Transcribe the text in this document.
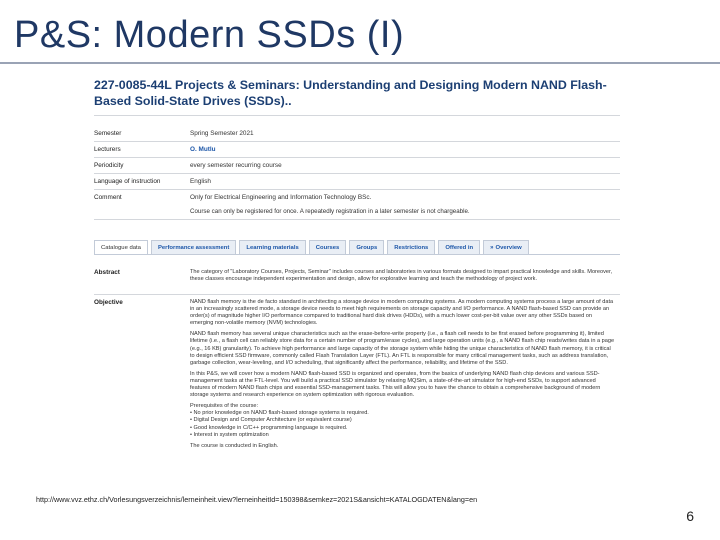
P&S: Modern SSDs (I)
227-0085-44L Projects & Seminars: Understanding and Designing Modern NAND Flash-Based Solid-State Drives (SSDs)..
Semester	Spring Semester 2021
Lecturers	O. Mutlu
Periodicity	every semester recurring course
Language of instruction	English
Comment	Only for Electrical Engineering and Information Technology BSc.
Course can only be registered for once. A repeatedly registration in a later semester is not chargeable.
Catalogue data	Performance assessment	Learning materials	Courses	Groups	Restrictions	Offered in	» Overview
Abstract	The category of "Laboratory Courses, Projects, Seminar" includes courses and laboratories in various formats designed to impart practical knowledge and skills. Moreover, these classes encourage independent experimentation and design, allow for explorative learning and teach the methodology of project work.

Objective	NAND flash memory is the de facto standard in architecting a storage device in modern computing systems. As modern computing systems process a large amount of data in an increasingly scattered mode, a storage device needs to meet high requirements on storage capacity and I/O performance. A NAND flash-based SSD can provide an order(s) of magnitude higher I/O performance compared to traditional hard disk drives (HDDs), with a much lower cost-per-bit value over any other SSDs based on emerging non-volatile memory (NVM) technologies.

NAND flash memory has several unique characteristics such as the erase-before-write property (i.e., a flash cell needs to be first erased before programming it), limited lifetime (i.e., a flash cell can reliably store data for a certain number of program/erase cycles), and large operation units (e.g., a NAND flash chip reads/writes data in a page (e.g., 16 KB) granularity). To achieve high performance and large capacity of the storage system while hiding the unique characteristics of NAND flash memory, it is critical to design efficient SSD firmware, commonly called Flash Translation Layer (FTL). An FTL is responsible for many critical management tasks, such as address translation, garbage collection, wear-leveling, and I/O scheduling, that significantly affect the performance, reliability, and lifetime of the SSD.

In this P&S, we will cover how a modern NAND flash-based SSD is organized and operates, from the basics of underlying NAND flash chip devices and various SSD-management tasks at the FTL-level. You will build a practical SSD simulator by relaxing MQSim, a state-of-the-art simulator for high-end SSDs, to support advanced features of modern NAND flash chips and essential SSD-management tasks. This will allow you to have the chance to obtain a comprehensive background of modern storage systems and research experience on system optimization with rigorous evaluation.

Prerequisites of the course:

• No prior knowledge on NAND flash-based storage systems is required.
• Digital Design and Computer Architecture (or equivalent course)
• Good knowledge in C/C++ programming language is required.
• Interest in system optimization

The course is conducted in English.

http://www.vvz.ethz.ch/Vorlesungsverzeichnis/lerneinheit.view?lerneinheitId=150398&semkez=2021S&ansicht=KATALOGDATEN&lang=en
6
